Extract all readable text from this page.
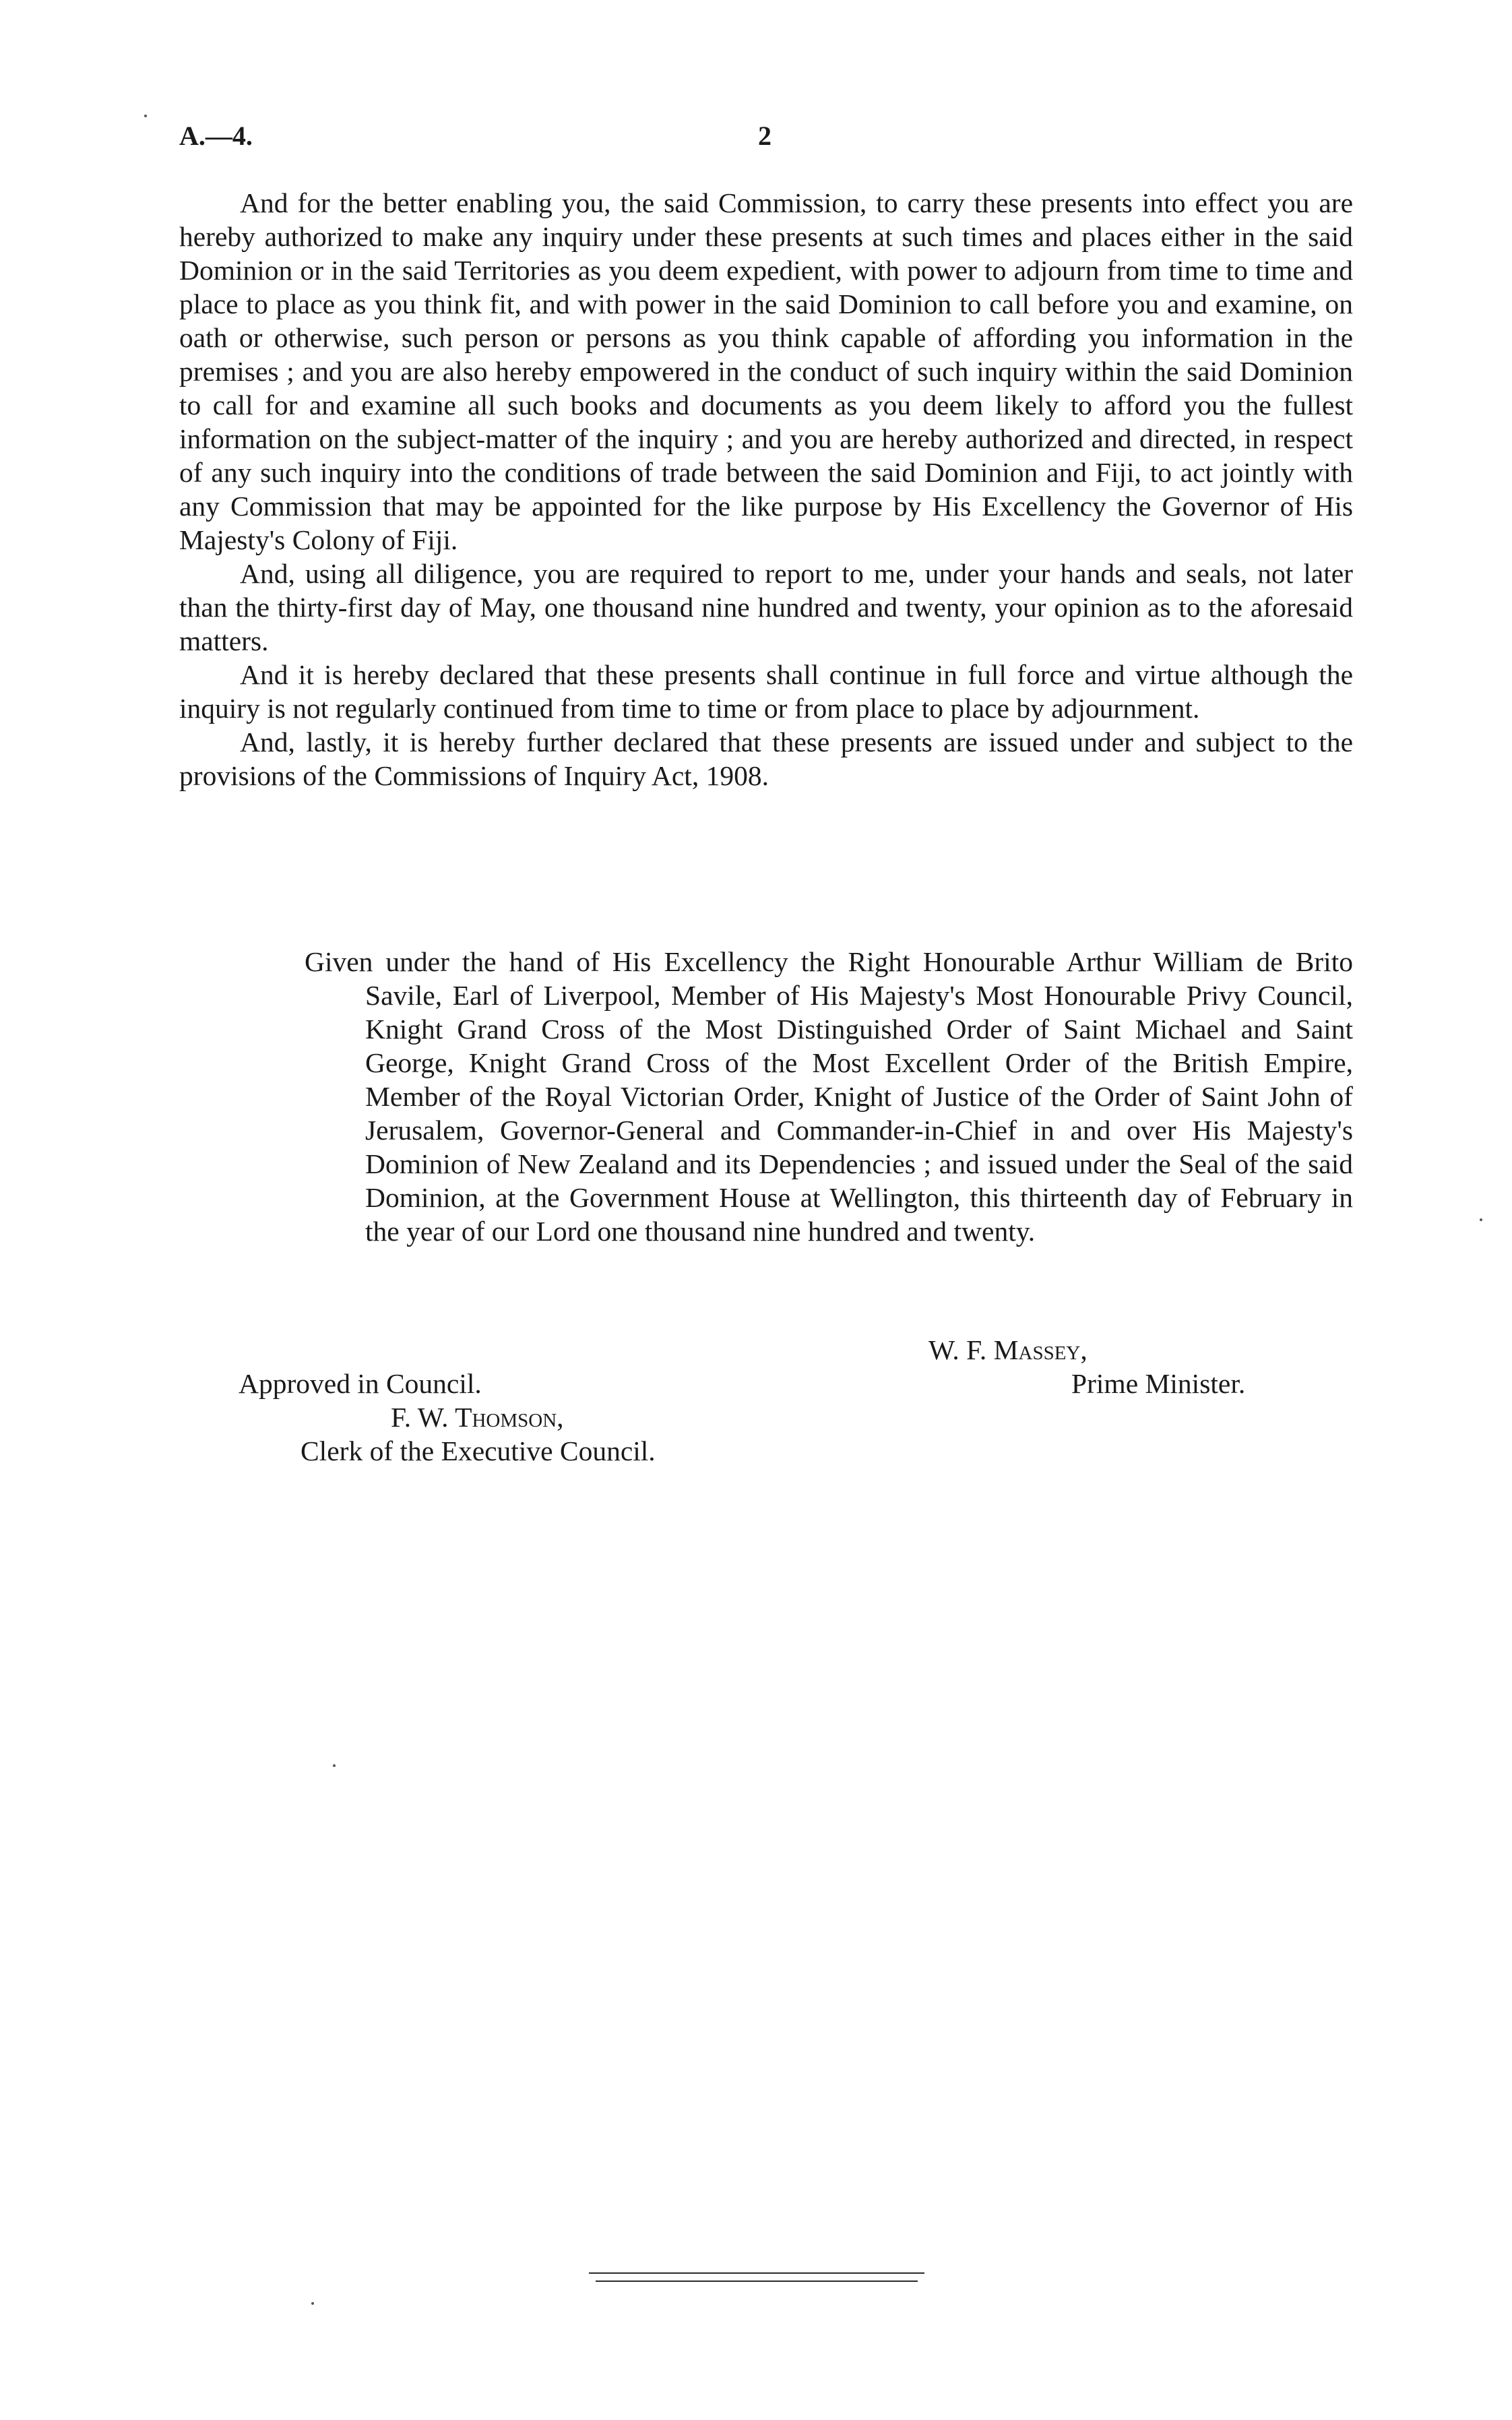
A.—4.	2

And for the better enabling you, the said Commission, to carry these presents into effect you are hereby authorized to make any inquiry under these presents at such times and places either in the said Dominion or in the said Territories as you deem expedient, with power to adjourn from time to time and place to place as you think fit, and with power in the said Dominion to call before you and examine, on oath or otherwise, such person or persons as you think capable of affording you information in the premises ; and you are also hereby empowered in the conduct of such inquiry within the said Dominion to call for and examine all such books and documents as you deem likely to afford you the fullest information on the subject-matter of the inquiry ; and you are hereby authorized and directed, in respect of any such inquiry into the conditions of trade between the said Dominion and Fiji, to act jointly with any Commission that may be appointed for the like purpose by His Excellency the Governor of His Majesty's Colony of Fiji.

And, using all diligence, you are required to report to me, under your hands and seals, not later than the thirty-first day of May, one thousand nine hundred and twenty, your opinion as to the aforesaid matters.

And it is hereby declared that these presents shall continue in full force and virtue although the inquiry is not regularly continued from time to time or from place to place by adjournment.

And, lastly, it is hereby further declared that these presents are issued under and subject to the provisions of the Commissions of Inquiry Act, 1908.

Given under the hand of His Excellency the Right Honourable Arthur William de Brito Savile, Earl of Liverpool, Member of His Majesty's Most Honourable Privy Council, Knight Grand Cross of the Most Distinguished Order of Saint Michael and Saint George, Knight Grand Cross of the Most Excellent Order of the British Empire, Member of the Royal Victorian Order, Knight of Justice of the Order of Saint John of Jerusalem, Governor-General and Commander-in-Chief in and over His Majesty's Dominion of New Zealand and its Dependencies ; and issued under the Seal of the said Dominion, at the Government House at Wellington, this thirteenth day of February in the year of our Lord one thousand nine hundred and twenty.

W. F. Massey,
Prime Minister.
Approved in Council.
F. W. Thomson,
Clerk of the Executive Council.
